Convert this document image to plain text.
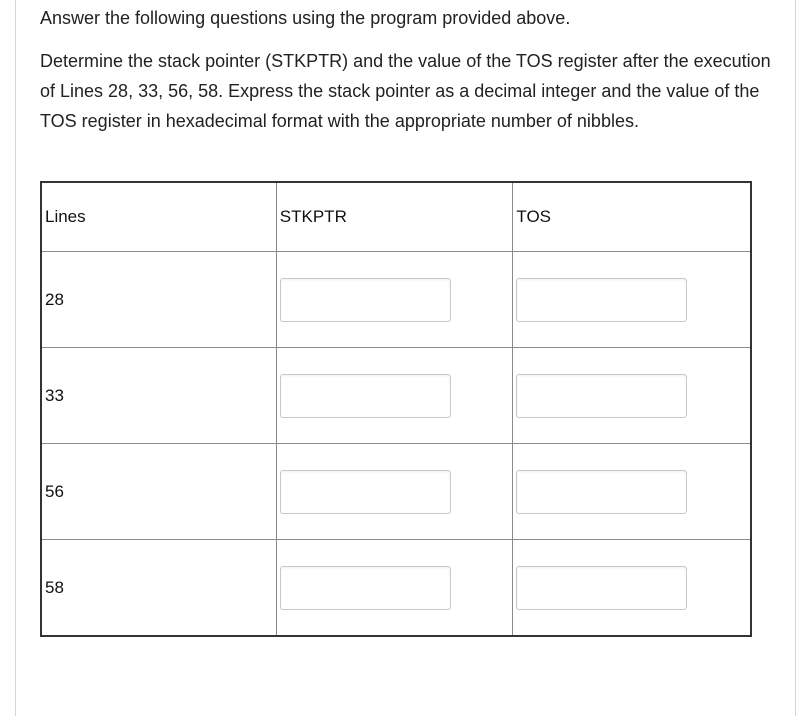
Answer the following questions using the program provided above.

Determine the stack pointer (STKPTR) and the value of the TOS register after the execution of Lines 28, 33, 56, 58. Express the stack pointer as a decimal integer and the value of the TOS register in hexadecimal format with the appropriate number of nibbles.

Lines	STKPTR	TOS

28

33

56

58
